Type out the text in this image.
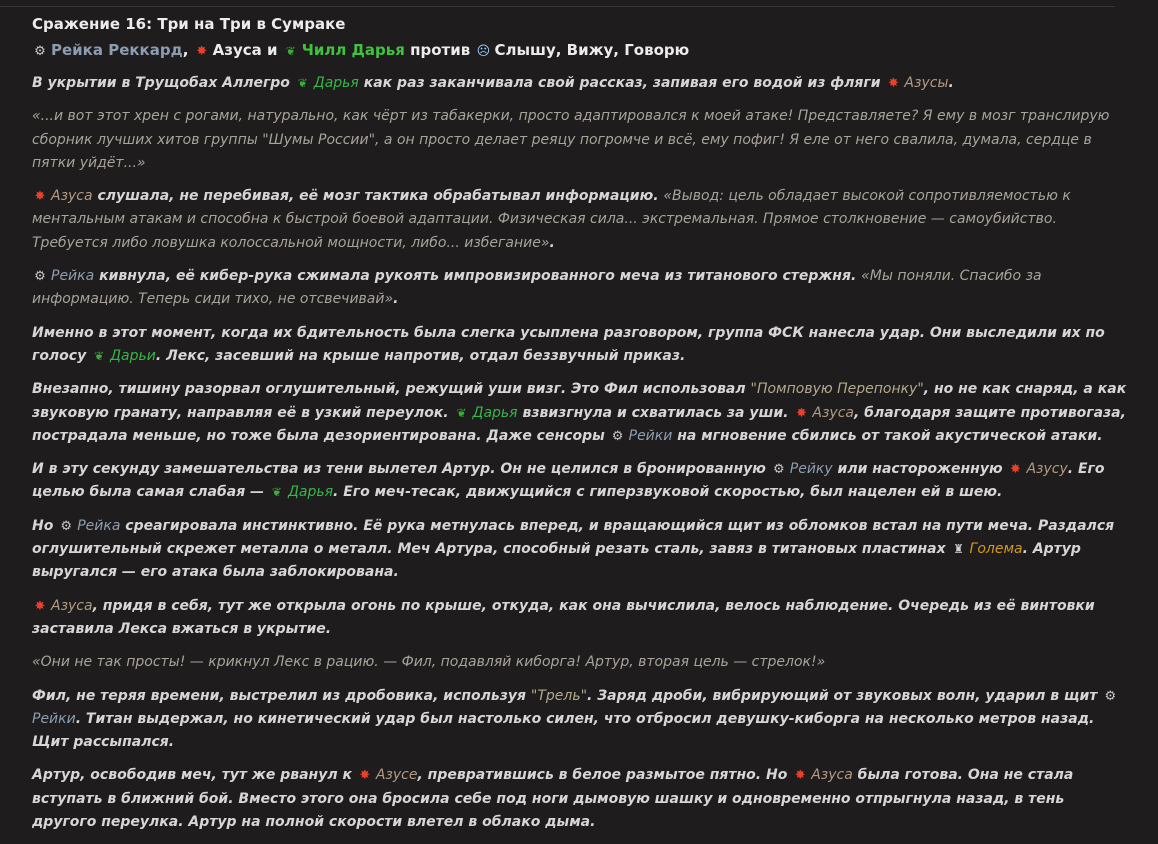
Сражение 16: Три на Три в Сумраке
⚙ Рейка Реккард, ✸ Азуса и ❦ Чилл Дарья против ☹ Слышу, Вижу, Говорю

В укрытии в Трущобах Аллегро ❦ Дарья как раз заканчивала свой рассказ, запивая его водой из фляги ✸ Азусы.

«...и вот этот хрен с рогами, натурально, как чёрт из табакерки, просто адаптировался к моей атаке! Представляете? Я ему в мозг транслирую сборник лучших хитов группы "Шумы России", а он просто делает реяцу погромче и всё, ему пофиг! Я еле от него свалила, думала, сердце в пятки уйдёт...»

✸ Азуса слушала, не перебивая, её мозг тактика обрабатывал информацию. «Вывод: цель обладает высокой сопротивляемостью к ментальным атакам и способна к быстрой боевой адаптации. Физическая сила... экстремальная. Прямое столкновение — самоубийство. Требуется либо ловушка колоссальной мощности, либо... избегание».

⚙ Рейка кивнула, её кибер-рука сжимала рукоять импровизированного меча из титанового стержня. «Мы поняли. Спасибо за информацию. Теперь сиди тихо, не отсвечивай».

Именно в этот момент, когда их бдительность была слегка усыплена разговором, группа ФСК нанесла удар. Они выследили их по голосу ❦ Дарьи. Лекс, засевший на крыше напротив, отдал беззвучный приказ.

Внезапно, тишину разорвал оглушительный, режущий уши визг. Это Фил использовал "Помповую Перепонку", но не как снаряд, а как звуковую гранату, направляя её в узкий переулок. ❦ Дарья взвизгнула и схватилась за уши. ✸ Азуса, благодаря защите противогаза, пострадала меньше, но тоже была дезориентирована. Даже сенсоры ⚙ Рейки на мгновение сбились от такой акустической атаки.

И в эту секунду замешательства из тени вылетел Артур. Он не целился в бронированную ⚙ Рейку или настороженную ✸ Азусу. Его целью была самая слабая — ❦ Дарья. Его меч-тесак, движущийся с гиперзвуковой скоростью, был нацелен ей в шею.

Но ⚙ Рейка среагировала инстинктивно. Её рука метнулась вперед, и вращающийся щит из обломков встал на пути меча. Раздался оглушительный скрежет металла о металл. Меч Артура, способный резать сталь, завяз в титановых пластинах ♜ Голема. Артур выругался — его атака была заблокирована.

✸ Азуса, придя в себя, тут же открыла огонь по крыше, откуда, как она вычислила, велось наблюдение. Очередь из её винтовки заставила Лекса вжаться в укрытие.

«Они не так просты! — крикнул Лекс в рацию. — Фил, подавляй киборга! Артур, вторая цель — стрелок!»

Фил, не теряя времени, выстрелил из дробовика, используя "Трель". Заряд дроби, вибрирующий от звуковых волн, ударил в щит ⚙Рейки. Титан выдержал, но кинетический удар был настолько силен, что отбросил девушку-киборга на несколько метров назад. Щит рассыпался.

Артур, освободив меч, тут же рванул к ✸ Азусе, превратившись в белое размытое пятно. Но ✸ Азуса была готова. Она не стала вступать в ближний бой. Вместо этого она бросила себе под ноги дымовую шашку и одновременно отпрыгнула назад, в тень другого переулка. Артур на полной скорости влетел в облако дыма.
